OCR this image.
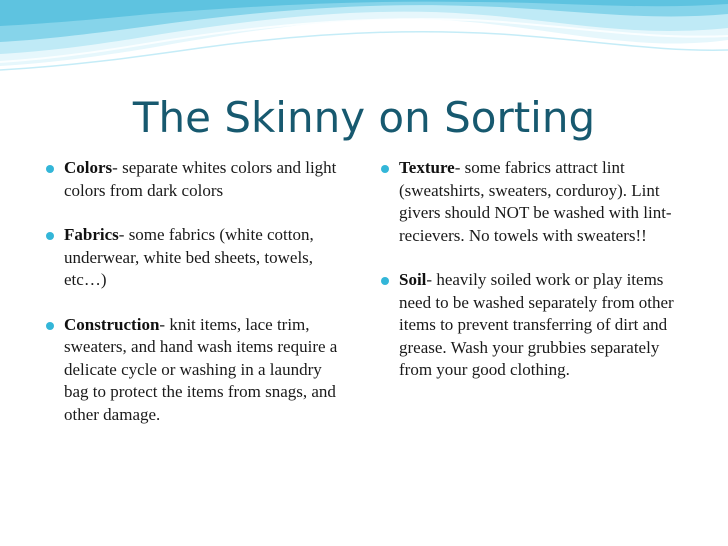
The Skinny on Sorting
Colors- separate whites colors and light colors from dark colors
Fabrics- some fabrics (white cotton, underwear, white bed sheets, towels, etc…)
Construction- knit items, lace trim, sweaters, and hand wash items require a delicate cycle or washing in a laundry bag to protect the items from snags, and other damage.
Texture- some fabrics attract lint (sweatshirts, sweaters, corduroy). Lint givers should NOT be washed with lint-recievers. No towels with sweaters!!
Soil- heavily soiled work or play items need to be washed separately from other items to prevent transferring of dirt and grease. Wash your grubbies separately from your good clothing.
